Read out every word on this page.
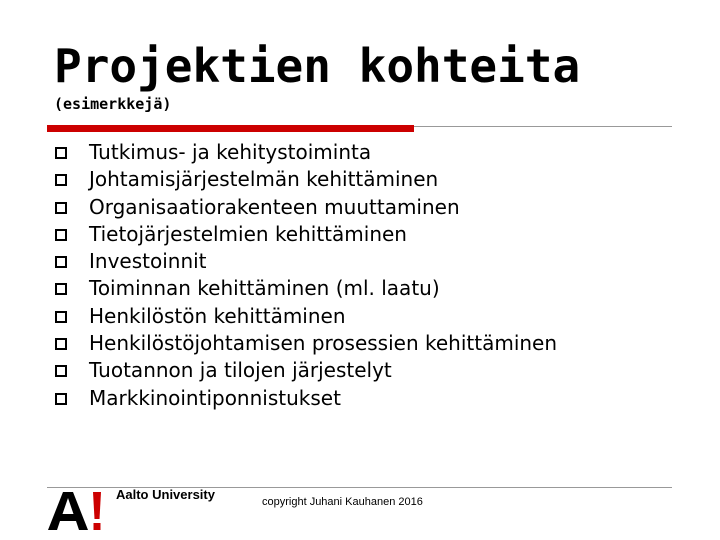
Projektien kohteita
(esimerkkejä)
Tutkimus- ja kehitystoiminta
Johtamisjärjestelmän kehittäminen
Organisaatiorakenteen muuttaminen
Tietojärjestelmien kehittäminen
Investoinnit
Toiminnan kehittäminen (ml. laatu)
Henkilöstön kehittäminen
Henkilöstöjohtamisen prosessien kehittäminen
Tuotannon ja tilojen järjestelyt
Markkinointiponnistukset
Aalto University	copyright Juhani Kauhanen 2016
